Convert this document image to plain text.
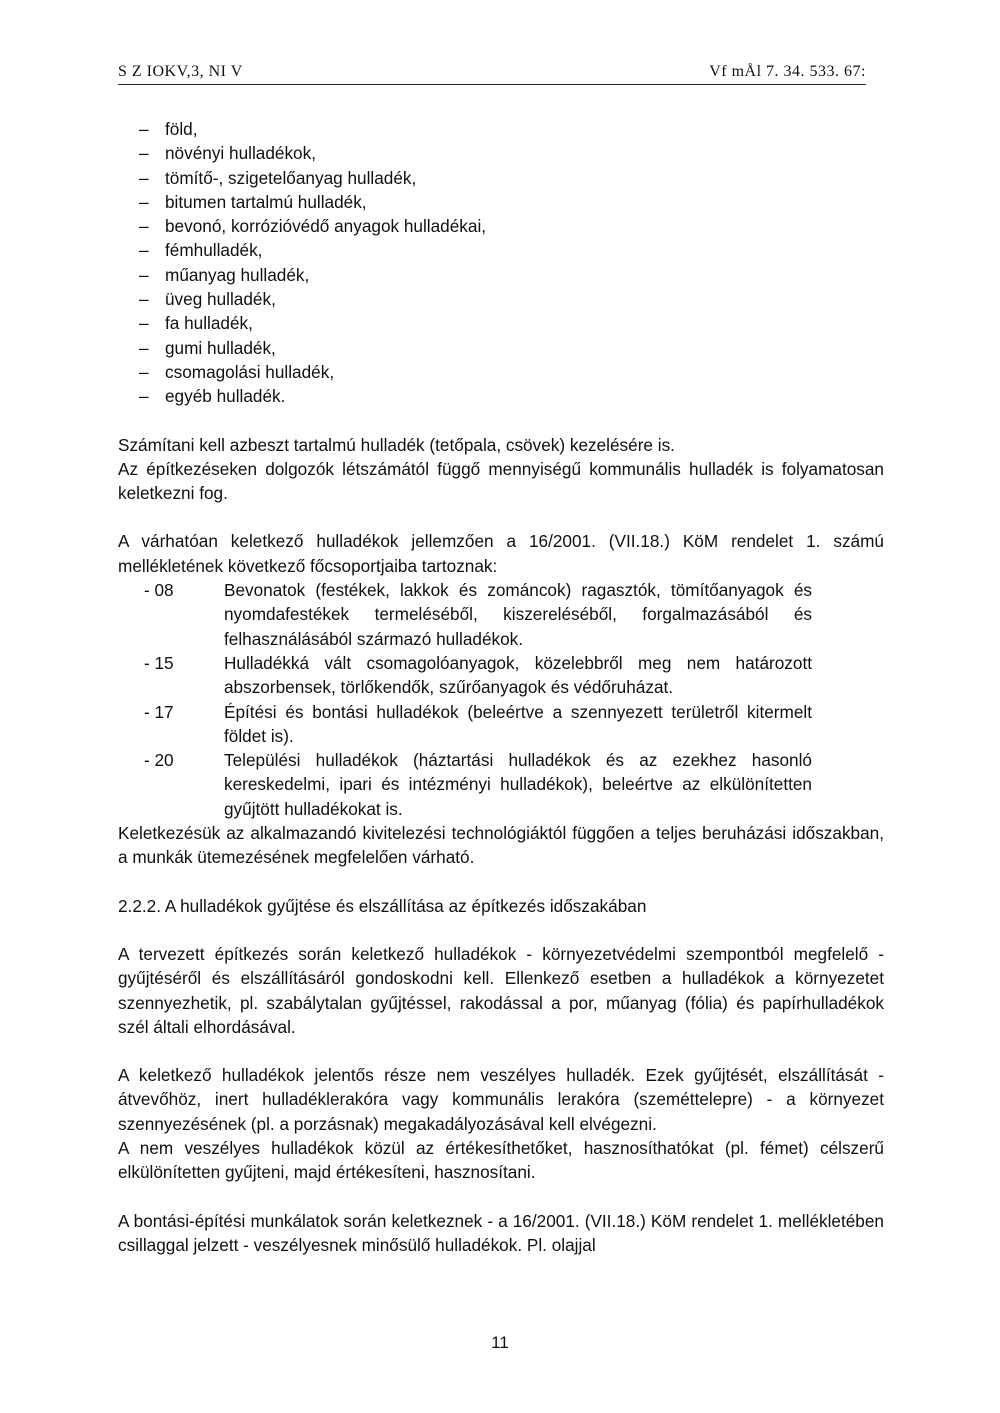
S Z IOKV,3, NI V	Vf mÅl 7. 34. 533. 67:
– föld,
– növényi hulladékok,
– tömítő-, szigetelőanyag hulladék,
– bitumen tartalmú hulladék,
– bevonó, korrózióvédő anyagok hulladékai,
– fémhulladék,
– műanyag hulladék,
– üveg hulladék,
– fa hulladék,
– gumi hulladék,
– csomagolási hulladék,
– egyéb hulladék.

Számítani kell azbeszt tartalmú hulladék (tetőpala, csövek) kezelésére is.

Az építkezéseken dolgozók létszámától függő mennyiségű kommunális hulladék is folyamatosan keletkezni fog.

A várhatóan keletkező hulladékok jellemzően a 16/2001. (VII.18.) KöM rendelet 1. számú mellékletének következő főcsoportjaiba tartoznak:

- 08	Bevonatok (festékek, lakkok és zománcok) ragasztók, tömítőanyagok és nyomdafestékek termeléséből, kiszereléséből, forgalmazásából és felhasználásából származó hulladékok.
- 15	Hulladékká vált csomagolóanyagok, közelebbről meg nem határozott abszorbensek, törlőkendők, szűrőanyagok és védőruházat.
- 17	Építési és bontási hulladékok (beleértve a szennyezett területről kitermelt földet is).
- 20	Települési hulladékok (háztartási hulladékok és az ezekhez hasonló kereskedelmi, ipari és intézményi hulladékok), beleértve az elkülönítetten gyűjtött hulladékokat is.

Keletkezésük az alkalmazandó kivitelezési technológiáktól függően a teljes beruházási időszakban, a munkák ütemezésének megfelelően várható.

2.2.2. A hulladékok gyűjtése és elszállítása az építkezés időszakában

A tervezett építkezés során keletkező hulladékok - környezetvédelmi szempontból megfelelő - gyűjtéséről és elszállításáról gondoskodni kell. Ellenkező esetben a hulladékok a környezetet szennyezhetik, pl. szabálytalan gyűjtéssel, rakodással a por, műanyag (fólia) és papírhulladékok szél általi elhordásával.

A keletkező hulladékok jelentős része nem veszélyes hulladék. Ezek gyűjtését, elszállítását - átvevőhöz, inert hulladéklerakóra vagy kommunális lerakóra (szeméttelepre) - a környezet szennyezésének (pl. a porzásnak) megakadályozásával kell elvégezni.

A nem veszélyes hulladékok közül az értékesíthetőket, hasznosíthatókat (pl. fémet) célszerű elkülönítetten gyűjteni, majd értékesíteni, hasznosítani.

A bontási-építési munkálatok során keletkeznek - a 16/2001. (VII.18.) KöM rendelet 1. mellékletében csillaggal jelzett - veszélyesnek minősülő hulladékok. Pl. olajjal

11
